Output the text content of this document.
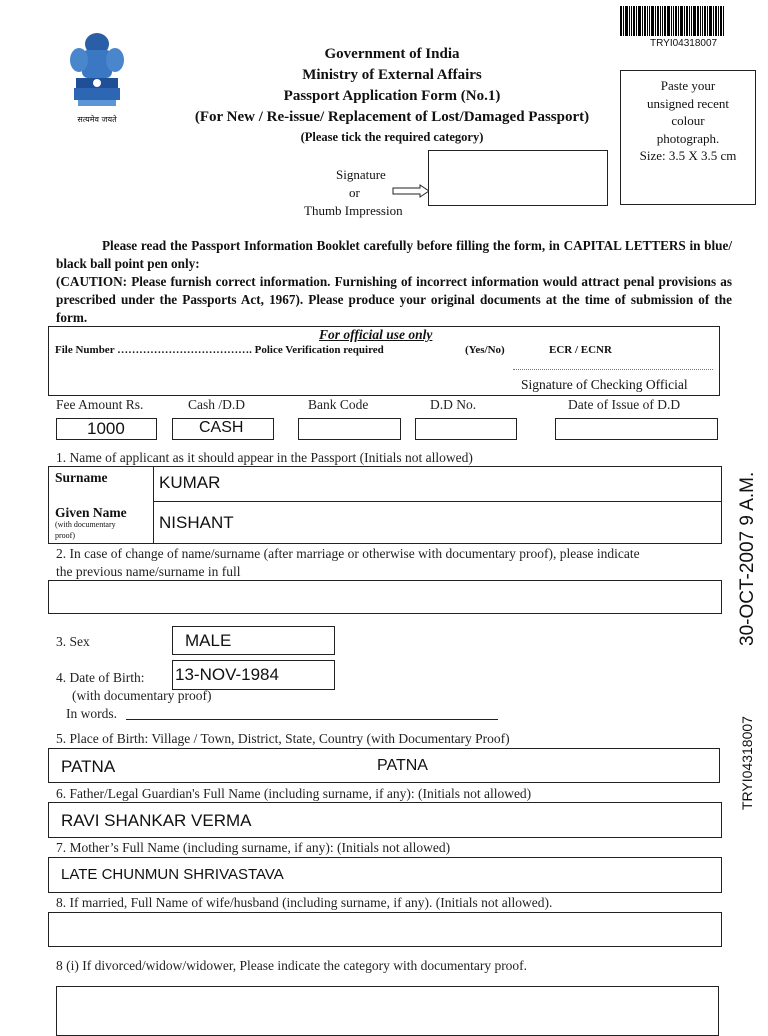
TRYI04318007
सत्यमेव जयते
Government of India
Ministry of External Affairs
Passport Application Form (No.1)
(For New / Re-issue/ Replacement of Lost/Damaged Passport)
(Please tick the required category)
Paste your
unsigned recent
colour
photograph.
Size: 3.5 X 3.5 cm
Signature
or
Thumb Impression
Please read the Passport Information Booklet carefully before filling the form, in CAPITAL LETTERS in blue/ black ball point pen only:
(CAUTION: Please furnish correct information. Furnishing of incorrect information would attract penal provisions as prescribed under the Passports Act, 1967). Please produce your original documents at the time of submission of the form.
For official use only
File Number ………………………………. Police Verification required	(Yes/No)	ECR / ECNR
Signature of Checking Official
Fee Amount Rs.	Cash /D.D	Bank Code	D.D No.	Date of Issue of D.D
1000	CASH
1. Name of applicant as it should appear in the Passport (Initials not allowed)
Surname	KUMAR
Given Name
(with documentary
proof)
NISHANT
2. In case of change of name/surname (after marriage or otherwise with documentary proof), please indicate
the previous name/surname in full
3. Sex	MALE
4. Date of Birth: 13-NOV-1984
(with documentary proof)
In words.
5. Place of Birth: Village / Town, District, State, Country (with Documentary Proof)
PATNA	PATNA
6. Father/Legal Guardian's Full Name (including surname, if any): (Initials not allowed)
RAVI SHANKAR VERMA
7. Mother’s Full Name (including surname, if any): (Initials not allowed)
LATE CHUNMUN SHRIVASTAVA
8. If married, Full Name of wife/husband (including surname, if any). (Initials not allowed).
8 (i) If divorced/widow/widower, Please indicate the category with documentary proof.
30-OCT-2007 9 A.M.
TRYI04318007
